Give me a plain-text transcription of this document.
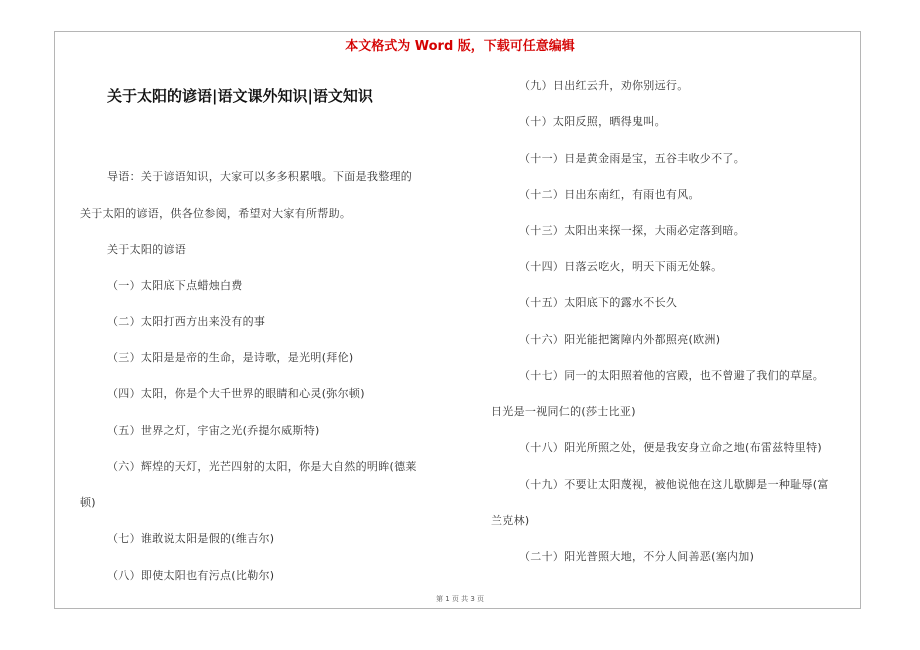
本文格式为 Word 版，下载可任意编辑
关于太阳的谚语|语文课外知识|语文知识
导语：关于谚语知识，大家可以多多积累哦。下面是我整理的
关于太阳的谚语，供各位参阅，希望对大家有所帮助。
关于太阳的谚语
（一）太阳底下点蜡烛白费
（二）太阳打西方出来没有的事
（三）太阳是是帝的生命，是诗歌，是光明(拜伦)
（四）太阳，你是个大千世界的眼睛和心灵(弥尔顿)
（五）世界之灯，宇宙之光(乔提尔威斯特)
（六）辉煌的天灯，光芒四射的太阳，你是大自然的明眸(德莱
顿)
（七）谁敢说太阳是假的(维吉尔)
（八）即使太阳也有污点(比勒尔)
（九）日出红云升，劝你别远行。
（十）太阳反照，晒得鬼叫。
（十一）日是黄金雨是宝，五谷丰收少不了。
（十二）日出东南红，有雨也有风。
（十三）太阳出来探一探，大雨必定落到暗。
（十四）日落云吃火，明天下雨无处躲。
（十五）太阳底下的露水不长久
（十六）阳光能把篱障内外都照亮(欧洲)
（十七）同一的太阳照着他的宫殿，也不曾避了我们的草屋。
日光是一视同仁的(莎士比亚)
（十八）阳光所照之处，便是我安身立命之地(布雷兹特里特)
（十九）不要让太阳蔑视，被他说他在这儿歇脚是一种耻辱(富
兰克林)
（二十）阳光普照大地，不分人间善恶(塞内加)
第 1 页 共 3 页
